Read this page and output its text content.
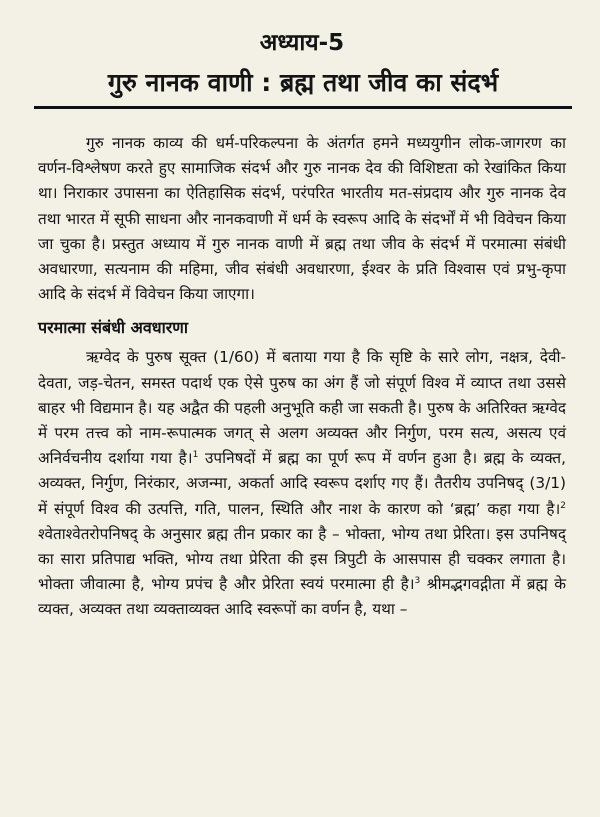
अध्याय-5
गुरु नानक वाणी : ब्रह्म तथा जीव का संदर्भ

गुरु नानक काव्य की धर्म-परिकल्पना के अंतर्गत हमने मध्ययुगीन लोक-जागरण का वर्णन-विश्लेषण करते हुए सामाजिक संदर्भ और गुरु नानक देव की विशिष्टता को रेखांकित किया था। निराकार उपासना का ऐतिहासिक संदर्भ, परंपरित भारतीय मत-संप्रदाय और गुरु नानक देव तथा भारत में सूफी साधना और नानकवाणी में धर्म के स्वरूप आदि के संदर्भों में भी विवेचन किया जा चुका है। प्रस्तुत अध्याय में गुरु नानक वाणी में ब्रह्म तथा जीव के संदर्भ में परमात्मा संबंधी अवधारणा, सत्यनाम की महिमा, जीव संबंधी अवधारणा, ईश्वर के प्रति विश्वास एवं प्रभु-कृपा आदि के संदर्भ में विवेचन किया जाएगा।

परमात्मा संबंधी अवधारणा

ऋग्वेद के पुरुष सूक्त (1/60) में बताया गया है कि सृष्टि के सारे लोग, नक्षत्र, देवी-देवता, जड़-चेतन, समस्त पदार्थ एक ऐसे पुरुष का अंग हैं जो संपूर्ण विश्व में व्याप्त तथा उससे बाहर भी विद्यमान है। यह अद्वैत की पहली अनुभूति कही जा सकती है। पुरुष के अतिरिक्त ऋग्वेद में परम तत्त्व को नाम-रूपात्मक जगत् से अलग अव्यक्त और निर्गुण, परम सत्य, असत्य एवं अनिर्वचनीय दर्शाया गया है।$^1$ उपनिषदों में ब्रह्म का पूर्ण रूप में वर्णन हुआ है। ब्रह्म के व्यक्त, अव्यक्त, निर्गुण, निरंकार, अजन्मा, अकर्ता आदि स्वरूप दर्शाए गए हैं। तैतरीय उपनिषद् (3/1) में संपूर्ण विश्व की उत्पत्ति, गति, पालन, स्थिति और नाश के कारण को ‘ब्रह्म’ कहा गया है।$^2$ श्वेताश्वेतरोपनिषद् के अनुसार ब्रह्म तीन प्रकार का है – भोक्ता, भोग्य तथा प्रेरिता। इस उपनिषद् का सारा प्रतिपाद्य भक्ति, भोग्य तथा प्रेरिता की इस त्रिपुटी के आसपास ही चक्कर लगाता है। भोक्ता जीवात्मा है, भोग्य प्रपंच है और प्रेरिता स्वयं परमात्मा ही है।$^3$ श्रीमद्भगवद्गीता में ब्रह्म के व्यक्त, अव्यक्त तथा व्यक्ताव्यक्त आदि स्वरूपों का वर्णन है, यथा –
